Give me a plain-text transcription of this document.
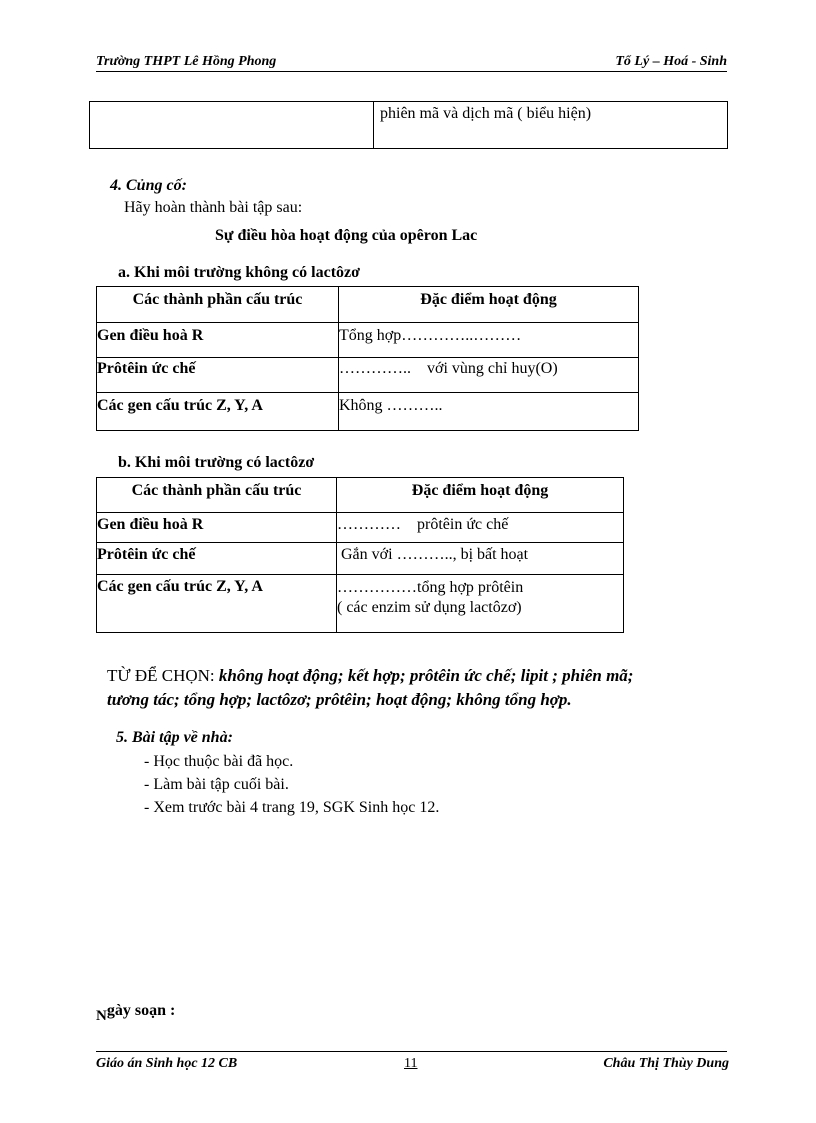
Trường THPT Lê Hồng Phong	Tổ Lý – Hoá - Sinh
	phiên mã và dịch mã ( biểu hiện)
4. Củng cố:
Hãy hoàn thành bài tập sau:
Sự điều hòa hoạt động của opêron Lac
a. Khi môi trường không có lactôzơ
Các thành phần cấu trúc	Đặc điểm hoạt động
Gen điều hoà R	Tổng hợp…………..………
Prôtêin ức chế	…………..    với vùng chỉ huy(O)
Các gen cấu trúc Z, Y, A	Không ………..
b. Khi môi trường có lactôzơ
Các thành phần cấu trúc	Đặc điểm hoạt động
Gen điều hoà R	…………    prôtêin ức chế
Prôtêin ức chế	Gắn với ……….., bị bất hoạt
Các gen cấu trúc Z, Y, A	……………tổng hợp prôtêin
( các enzim sử dụng lactôzơ)
TỪ ĐỂ CHỌN: không hoạt động; kết hợp; prôtêin ức chế; lipit ; phiên mã;
tương tác; tổng hợp; lactôzơ; prôtêin; hoạt động; không tổng hợp.
5. Bài tập về nhà:
- Học thuộc bài đã học.
- Làm bài tập cuối bài.
- Xem trước bài 4 trang 19, SGK Sinh học 12.
Ngày soạn :
Giáo án Sinh học 12 CB	11	Châu Thị Thùy Dung
